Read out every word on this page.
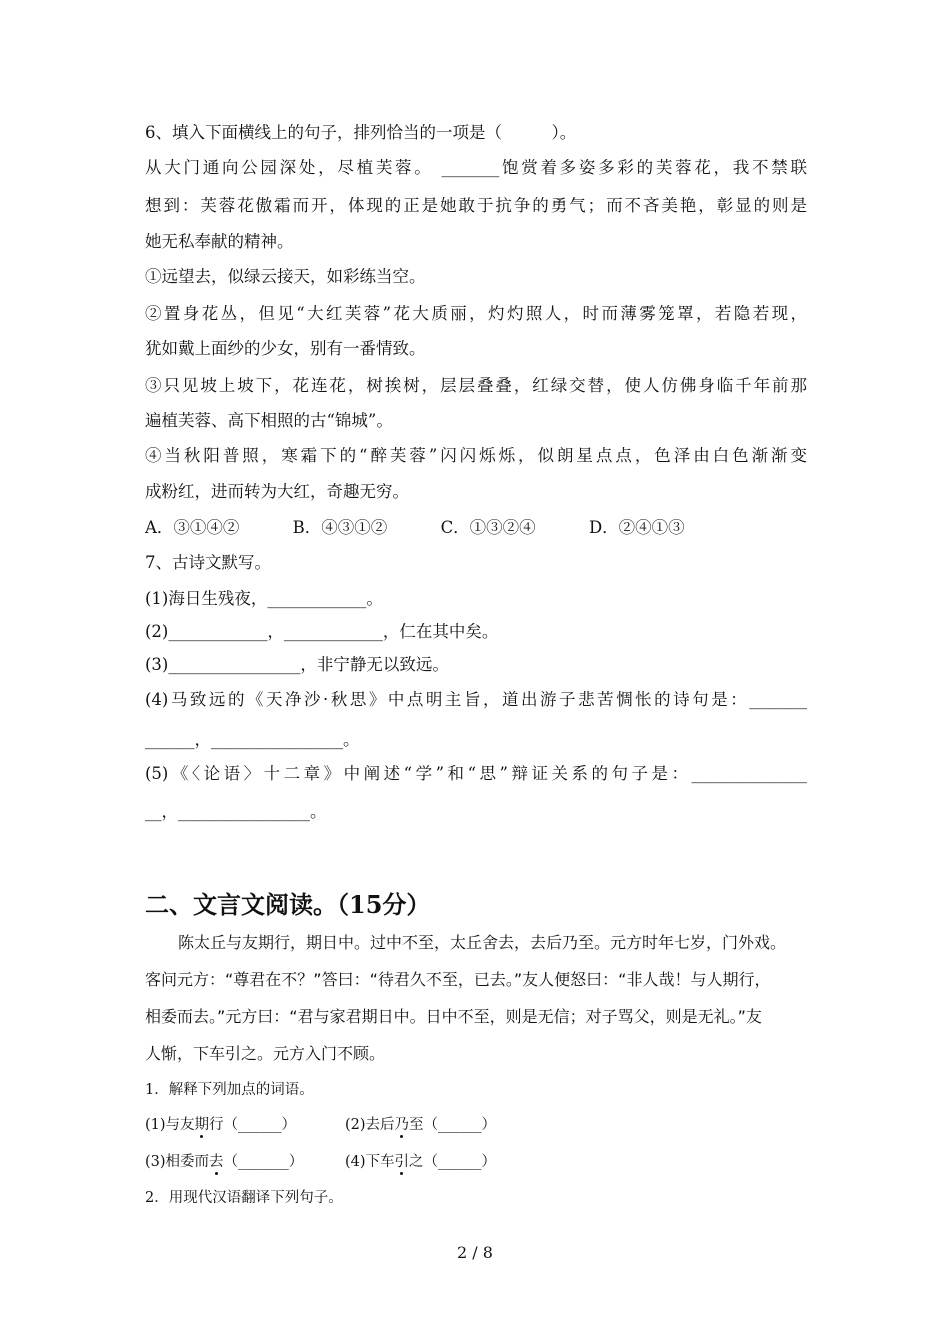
6、填入下面横线上的句子，排列恰当的一项是（　　　）。
从大门通向公园深处，尽植芙蓉。 _______饱赏着多姿多彩的芙蓉花，我不禁联
想到：芙蓉花傲霜而开，体现的正是她敢于抗争的勇气；而不吝美艳，彰显的则是
她无私奉献的精神。
①远望去，似绿云接天，如彩练当空。
②置身花丛，但见“大红芙蓉”花大质丽，灼灼照人，时而薄雾笼罩，若隐若现，
犹如戴上面纱的少女，别有一番情致。
③只见坡上坡下，花连花，树挨树，层层叠叠，红绿交替，使人仿佛身临千年前那
遍植芙蓉、高下相照的古“锦城”。
④当秋阳普照，寒霜下的“醉芙蓉”闪闪烁烁，似朗星点点，色泽由白色渐渐变
成粉红，进而转为大红，奇趣无穷。
A．③①④②	B．④③①②	C．①③②④	D．②④①③
7、古诗文默写。
(1)海日生残夜，____________。
(2)____________，____________，仁在其中矣。
(3)________________，非宁静无以致远。
(4)马致远的《天净沙·秋思》中点明主旨，道出游子悲苦惆怅的诗句是：_______
______，________________。
(5)《〈论语〉十二章》中阐述“学”和“思”辩证关系的句子是：______________
__，________________。
二、文言文阅读。（15分）
陈太丘与友期行，期日中。过中不至，太丘舍去，去后乃至。元方时年七岁，门外戏。
客问元方：“尊君在不？”答曰：“待君久不至，已去。”友人便怒曰：“非人哉！与人期行，
相委而去。”元方曰：“君与家君期日中。日中不至，则是无信；对子骂父，则是无礼。”友
人惭，下车引之。元方入门不顾。
1．解释下列加点的词语。
(1)与友期行（______）	(2)去后乃至（______）
(3)相委而去（_______）	(4)下车引之（______）
2．用现代汉语翻译下列句子。
2 / 8
